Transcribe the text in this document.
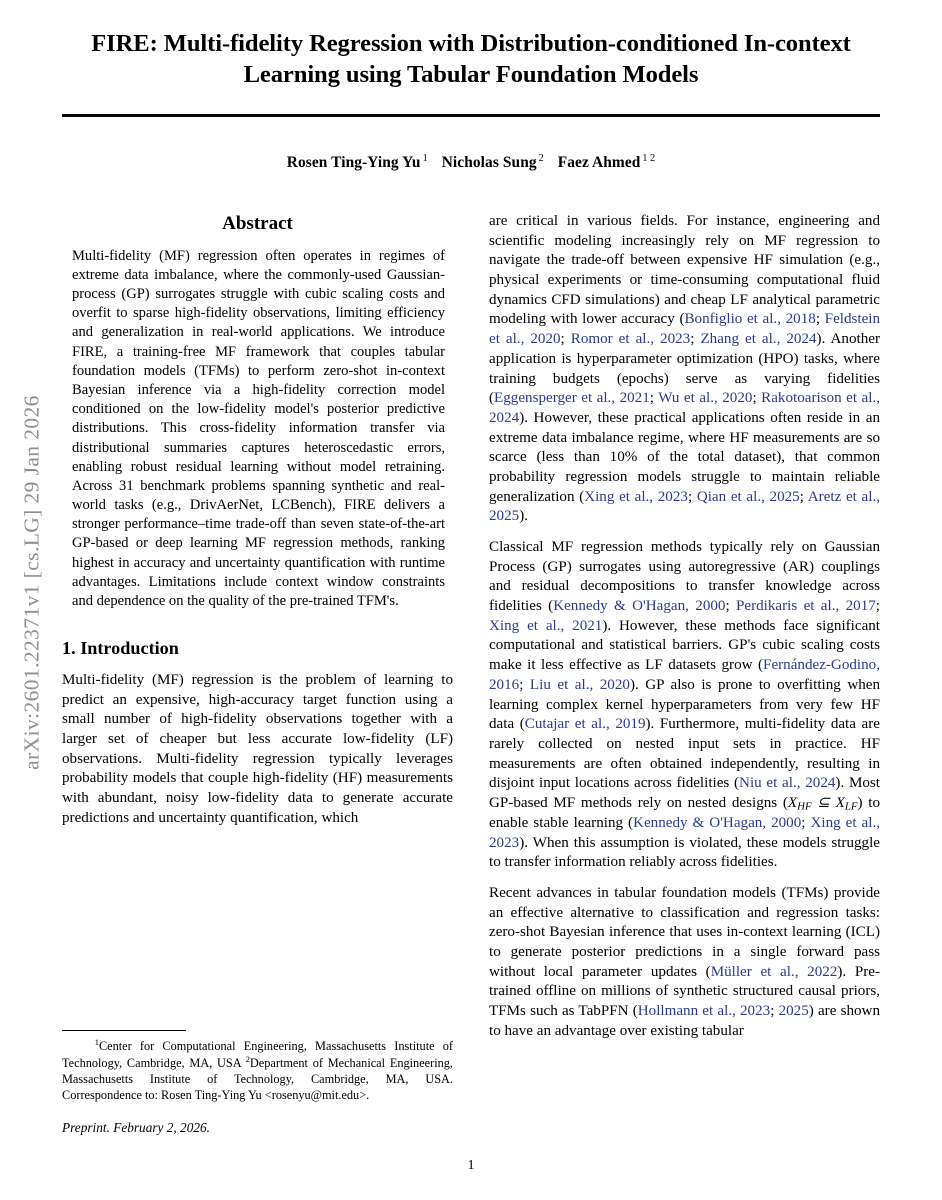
arXiv:2601.22371v1 [cs.LG] 29 Jan 2026
FIRE: Multi-fidelity Regression with Distribution-conditioned In-context Learning using Tabular Foundation Models
Rosen Ting-Ying Yu $^1$ Nicholas Sung $^2$ Faez Ahmed $^{1 2}$
Abstract

Multi-fidelity (MF) regression often operates in regimes of extreme data imbalance, where the commonly-used Gaussian-process (GP) surrogates struggle with cubic scaling costs and overfit to sparse high-fidelity observations, limiting efficiency and generalization in real-world applications. We introduce FIRE, a training-free MF framework that couples tabular foundation models (TFMs) to perform zero-shot in-context Bayesian inference via a high-fidelity correction model conditioned on the low-fidelity model's posterior predictive distributions. This cross-fidelity information transfer via distributional summaries captures heteroscedastic errors, enabling robust residual learning without model retraining. Across 31 benchmark problems spanning synthetic and real-world tasks (e.g., DrivAerNet, LCBench), FIRE delivers a stronger performance–time trade-off than seven state-of-the-art GP-based or deep learning MF regression methods, ranking highest in accuracy and uncertainty quantification with runtime advantages. Limitations include context window constraints and dependence on the quality of the pre-trained TFM's.

1. Introduction

Multi-fidelity (MF) regression is the problem of learning to predict an expensive, high-accuracy target function using a small number of high-fidelity observations together with a larger set of cheaper but less accurate low-fidelity (LF) observations. Multi-fidelity regression typically leverages probability models that couple high-fidelity (HF) measurements with abundant, noisy low-fidelity data to generate accurate predictions and uncertainty quantification, which

are critical in various fields. For instance, engineering and scientific modeling increasingly rely on MF regression to navigate the trade-off between expensive HF simulation (e.g., physical experiments or time-consuming computational fluid dynamics CFD simulations) and cheap LF analytical parametric modeling with lower accuracy (Bonfiglio et al., 2018; Feldstein et al., 2020; Romor et al., 2023; Zhang et al., 2024). Another application is hyperparameter optimization (HPO) tasks, where training budgets (epochs) serve as varying fidelities (Eggensperger et al., 2021; Wu et al., 2020; Rakotoarison et al., 2024). However, these practical applications often reside in an extreme data imbalance regime, where HF measurements are so scarce (less than 10% of the total dataset), that common probability regression models struggle to maintain reliable generalization (Xing et al., 2023; Qian et al., 2025; Aretz et al., 2025).

Classical MF regression methods typically rely on Gaussian Process (GP) surrogates using autoregressive (AR) couplings and residual decompositions to transfer knowledge across fidelities (Kennedy & O'Hagan, 2000; Perdikaris et al., 2017; Xing et al., 2021). However, these methods face significant computational and statistical barriers. GP's cubic scaling costs make it less effective as LF datasets grow (Fernández-Godino, 2016; Liu et al., 2020). GP also is prone to overfitting when learning complex kernel hyperparameters from very few HF data (Cutajar et al., 2019). Furthermore, multi-fidelity data are rarely collected on nested input sets in practice. HF measurements are often obtained independently, resulting in disjoint input locations across fidelities (Niu et al., 2024). Most GP-based MF methods rely on nested designs ($X_{HF}$ ⊆ $X_{LF}$) to enable stable learning (Kennedy & O'Hagan, 2000; Xing et al., 2023). When this assumption is violated, these models struggle to transfer information reliably across fidelities.

Recent advances in tabular foundation models (TFMs) provide an effective alternative to classification and regression tasks: zero-shot Bayesian inference that uses in-context learning (ICL) to generate posterior predictions in a single forward pass without local parameter updates (Müller et al., 2022). Pre-trained offline on millions of synthetic structured causal priors, TFMs such as TabPFN (Hollmann et al., 2023; 2025) are shown to have an advantage over existing tabular

$^1$Center for Computational Engineering, Massachusetts Institute of Technology, Cambridge, MA, USA $^2$Department of Mechanical Engineering, Massachusetts Institute of Technology, Cambridge, MA, USA. Correspondence to: Rosen Ting-Ying Yu <rosenyu@mit.edu>.

Preprint. February 2, 2026.
1
